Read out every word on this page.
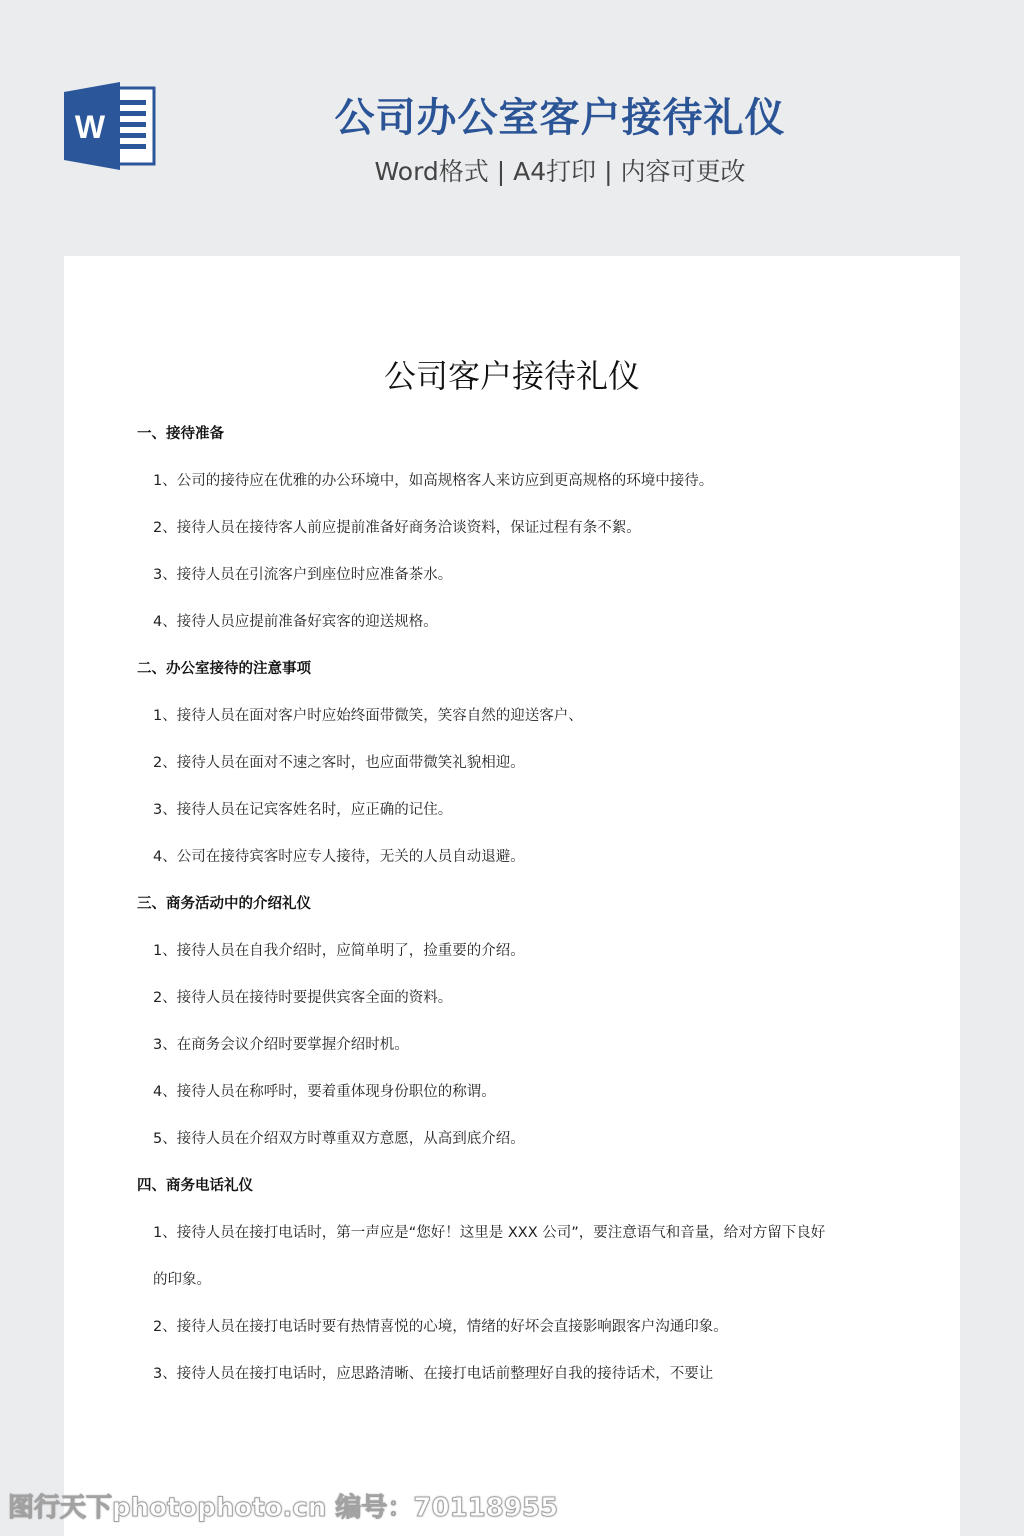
W	公司办公室客户接待礼仪
Word格式 | A4打印 | 内容可更改
公司客户接待礼仪
一、接待准备
1、公司的接待应在优雅的办公环境中，如高规格客人来访应到更高规格的环境中接待。
2、接待人员在接待客人前应提前准备好商务洽谈资料，保证过程有条不絮。
3、接待人员在引流客户到座位时应准备茶水。
4、接待人员应提前准备好宾客的迎送规格。
二、办公室接待的注意事项
1、接待人员在面对客户时应始终面带微笑，笑容自然的迎送客户、
2、接待人员在面对不速之客时，也应面带微笑礼貌相迎。
3、接待人员在记宾客姓名时，应正确的记住。
4、公司在接待宾客时应专人接待，无关的人员自动退避。
三、商务活动中的介绍礼仪
1、接待人员在自我介绍时，应简单明了，捡重要的介绍。
2、接待人员在接待时要提供宾客全面的资料。
3、在商务会议介绍时要掌握介绍时机。
4、接待人员在称呼时，要着重体现身份职位的称谓。
5、接待人员在介绍双方时尊重双方意愿，从高到底介绍。
四、商务电话礼仪
1、接待人员在接打电话时，第一声应是“您好！这里是 XXX 公司”，要注意语气和音量，给对方留下良好
的印象。
2、接待人员在接打电话时要有热情喜悦的心境，情绪的好坏会直接影响跟客户沟通印象。
3、接待人员在接打电话时，应思路清晰、在接打电话前整理好自我的接待话术，不要让
图行天下photophoto.cn 编号：70118955
